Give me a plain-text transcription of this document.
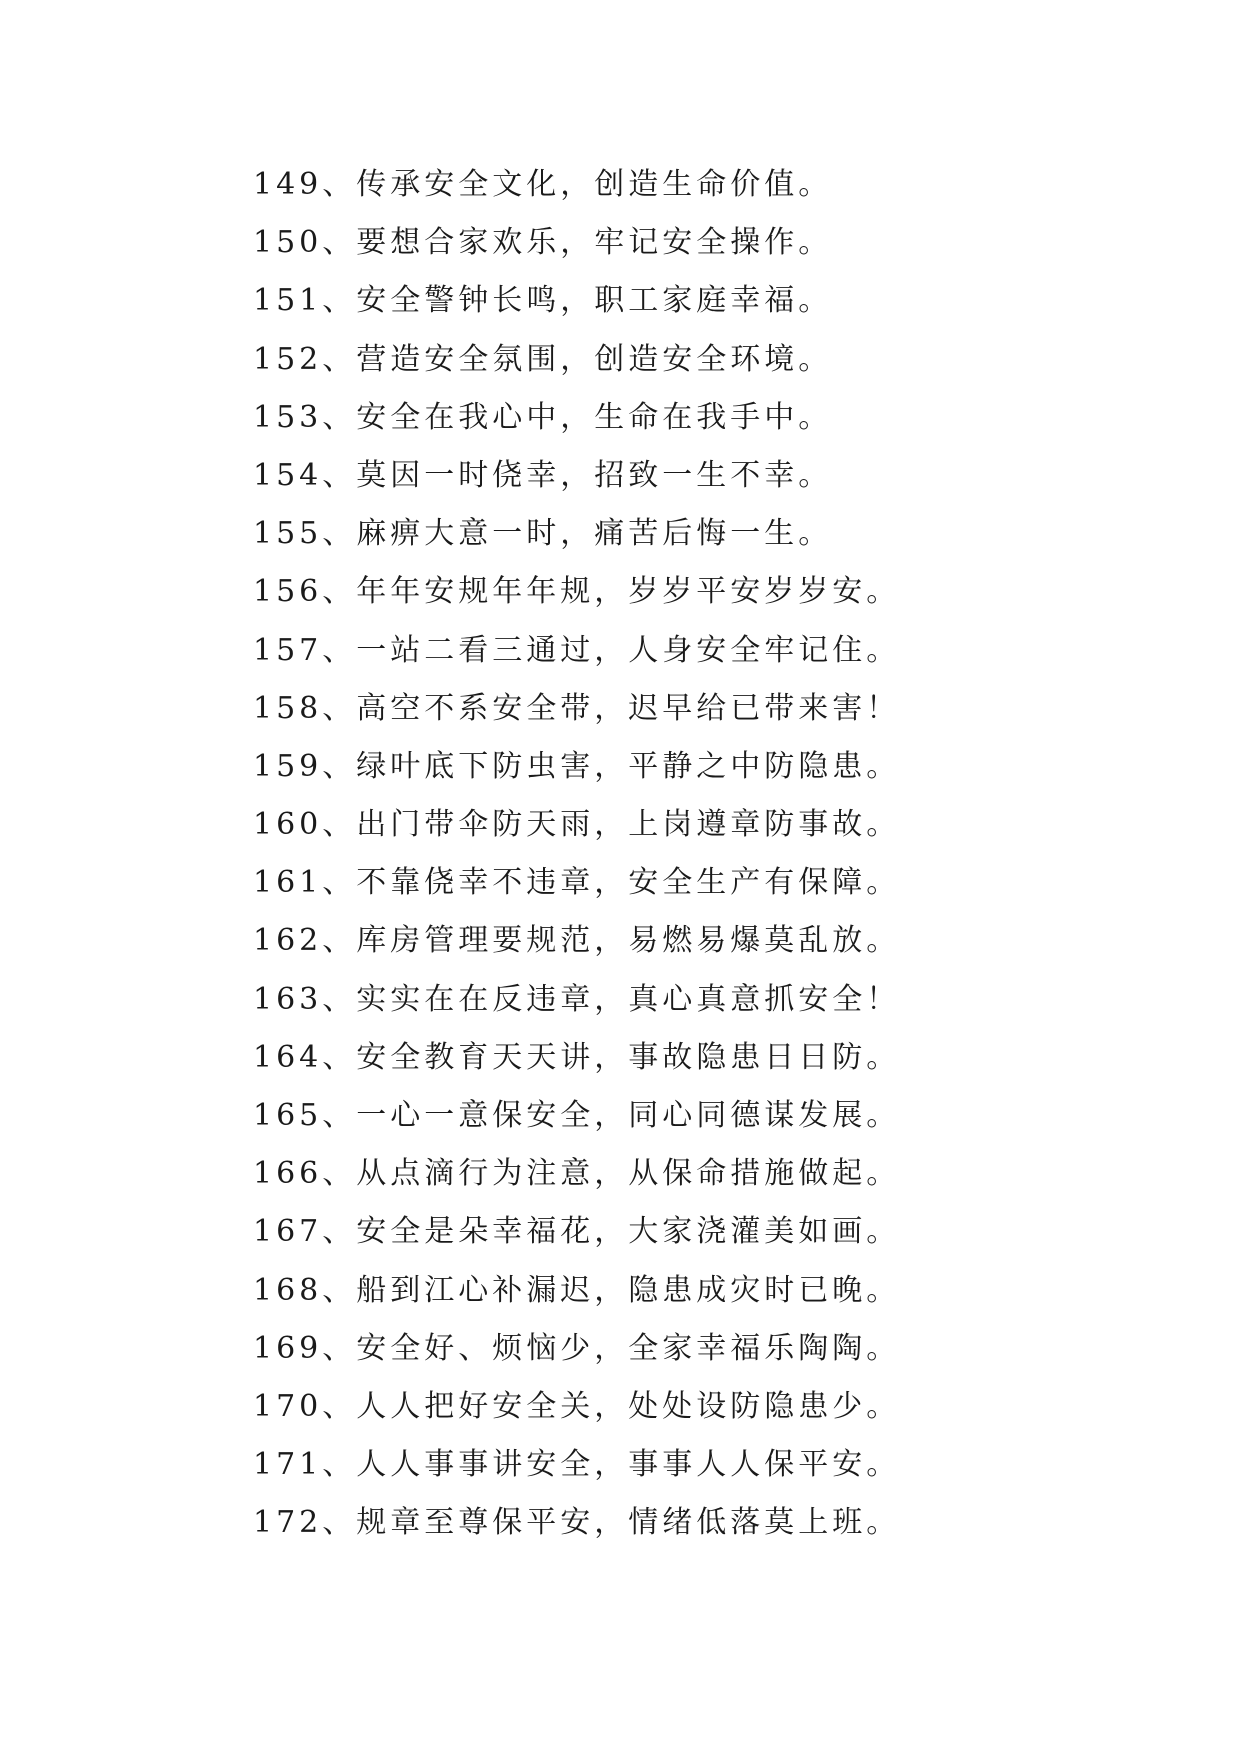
149、传承安全文化，创造生命价值。
150、要想合家欢乐，牢记安全操作。
151、安全警钟长鸣，职工家庭幸福。
152、营造安全氛围，创造安全环境。
153、安全在我心中，生命在我手中。
154、莫因一时侥幸，招致一生不幸。
155、麻痹大意一时，痛苦后悔一生。
156、年年安规年年规，岁岁平安岁岁安。
157、一站二看三通过，人身安全牢记住。
158、高空不系安全带，迟早给已带来害！
159、绿叶底下防虫害，平静之中防隐患。
160、出门带伞防天雨，上岗遵章防事故。
161、不靠侥幸不违章，安全生产有保障。
162、库房管理要规范，易燃易爆莫乱放。
163、实实在在反违章，真心真意抓安全！
164、安全教育天天讲，事故隐患日日防。
165、一心一意保安全，同心同德谋发展。
166、从点滴行为注意，从保命措施做起。
167、安全是朵幸福花，大家浇灌美如画。
168、船到江心补漏迟，隐患成灾时已晚。
169、安全好、烦恼少，全家幸福乐陶陶。
170、人人把好安全关，处处设防隐患少。
171、人人事事讲安全，事事人人保平安。
172、规章至尊保平安，情绪低落莫上班。
